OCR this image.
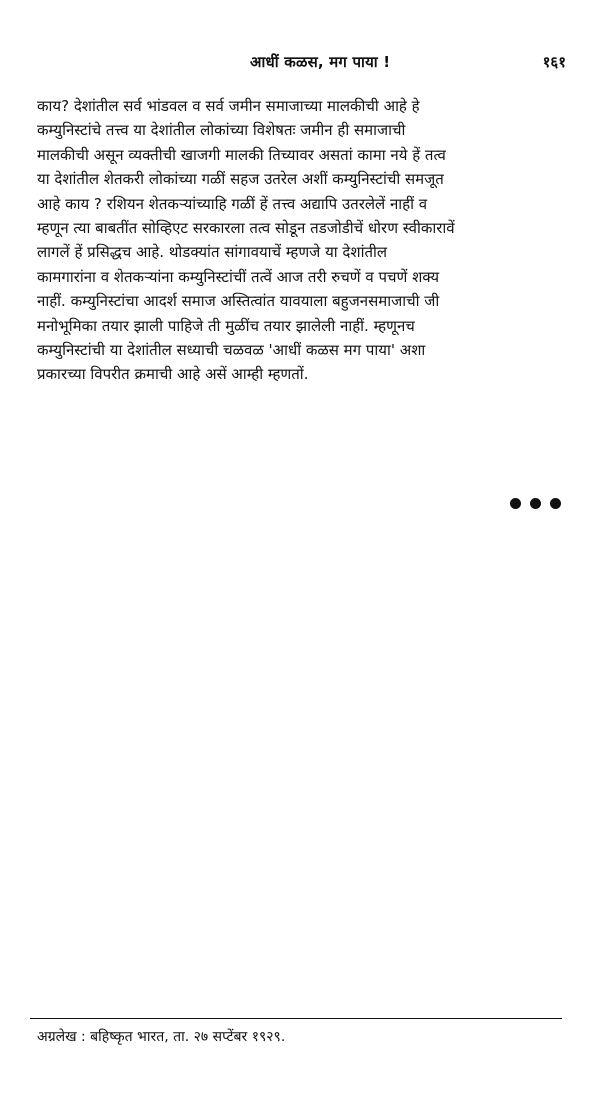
आधीं कळस, मग पाया !	१६१
काय? देशांतील सर्व भांडवल व सर्व जमीन समाजाच्या मालकीची आहे हे
कम्युनिस्टांचे तत्त्व या देशांतील लोकांच्या विशेषतः जमीन ही समाजाची
मालकीची असून व्यक्तीची खाजगी मालकी तिच्यावर असतां कामा नये हें तत्व
या देशांतील शेतकरी लोकांच्या गळीं सहज उतरेल अशीं कम्युनिस्टांची समजूत
आहे काय ? रशियन शेतकऱ्यांच्याहि गळीं हें तत्त्व अद्यापि उतरलेलें नाहीं व
म्हणून त्या बाबतींत सोव्हिएट सरकारला तत्व सोडून तडजोडीचें धोरण स्वीकारावें
लागलें हें प्रसिद्धच आहे. थोडक्यांत सांगावयाचें म्हणजे या देशांतील
कामगारांना व शेतकऱ्यांना कम्युनिस्टांचीं तत्वें आज तरी रुचणें व पचणें शक्य
नाहीं. कम्युनिस्टांचा आदर्श समाज अस्तित्वांत यावयाला बहुजनसमाजाची जी
मनोभूमिका तयार झाली पाहिजे ती मुळींच तयार झालेली नाहीं. म्हणूनच
कम्युनिस्टांची या देशांतील सध्याची चळवळ 'आधीं कळस मग पाया' अशा
प्रकारच्या विपरीत क्रमाची आहे असें आम्ही म्हणतों.
अग्रलेख : बहिष्कृत भारत, ता. २७ सप्टेंबर १९२९.
